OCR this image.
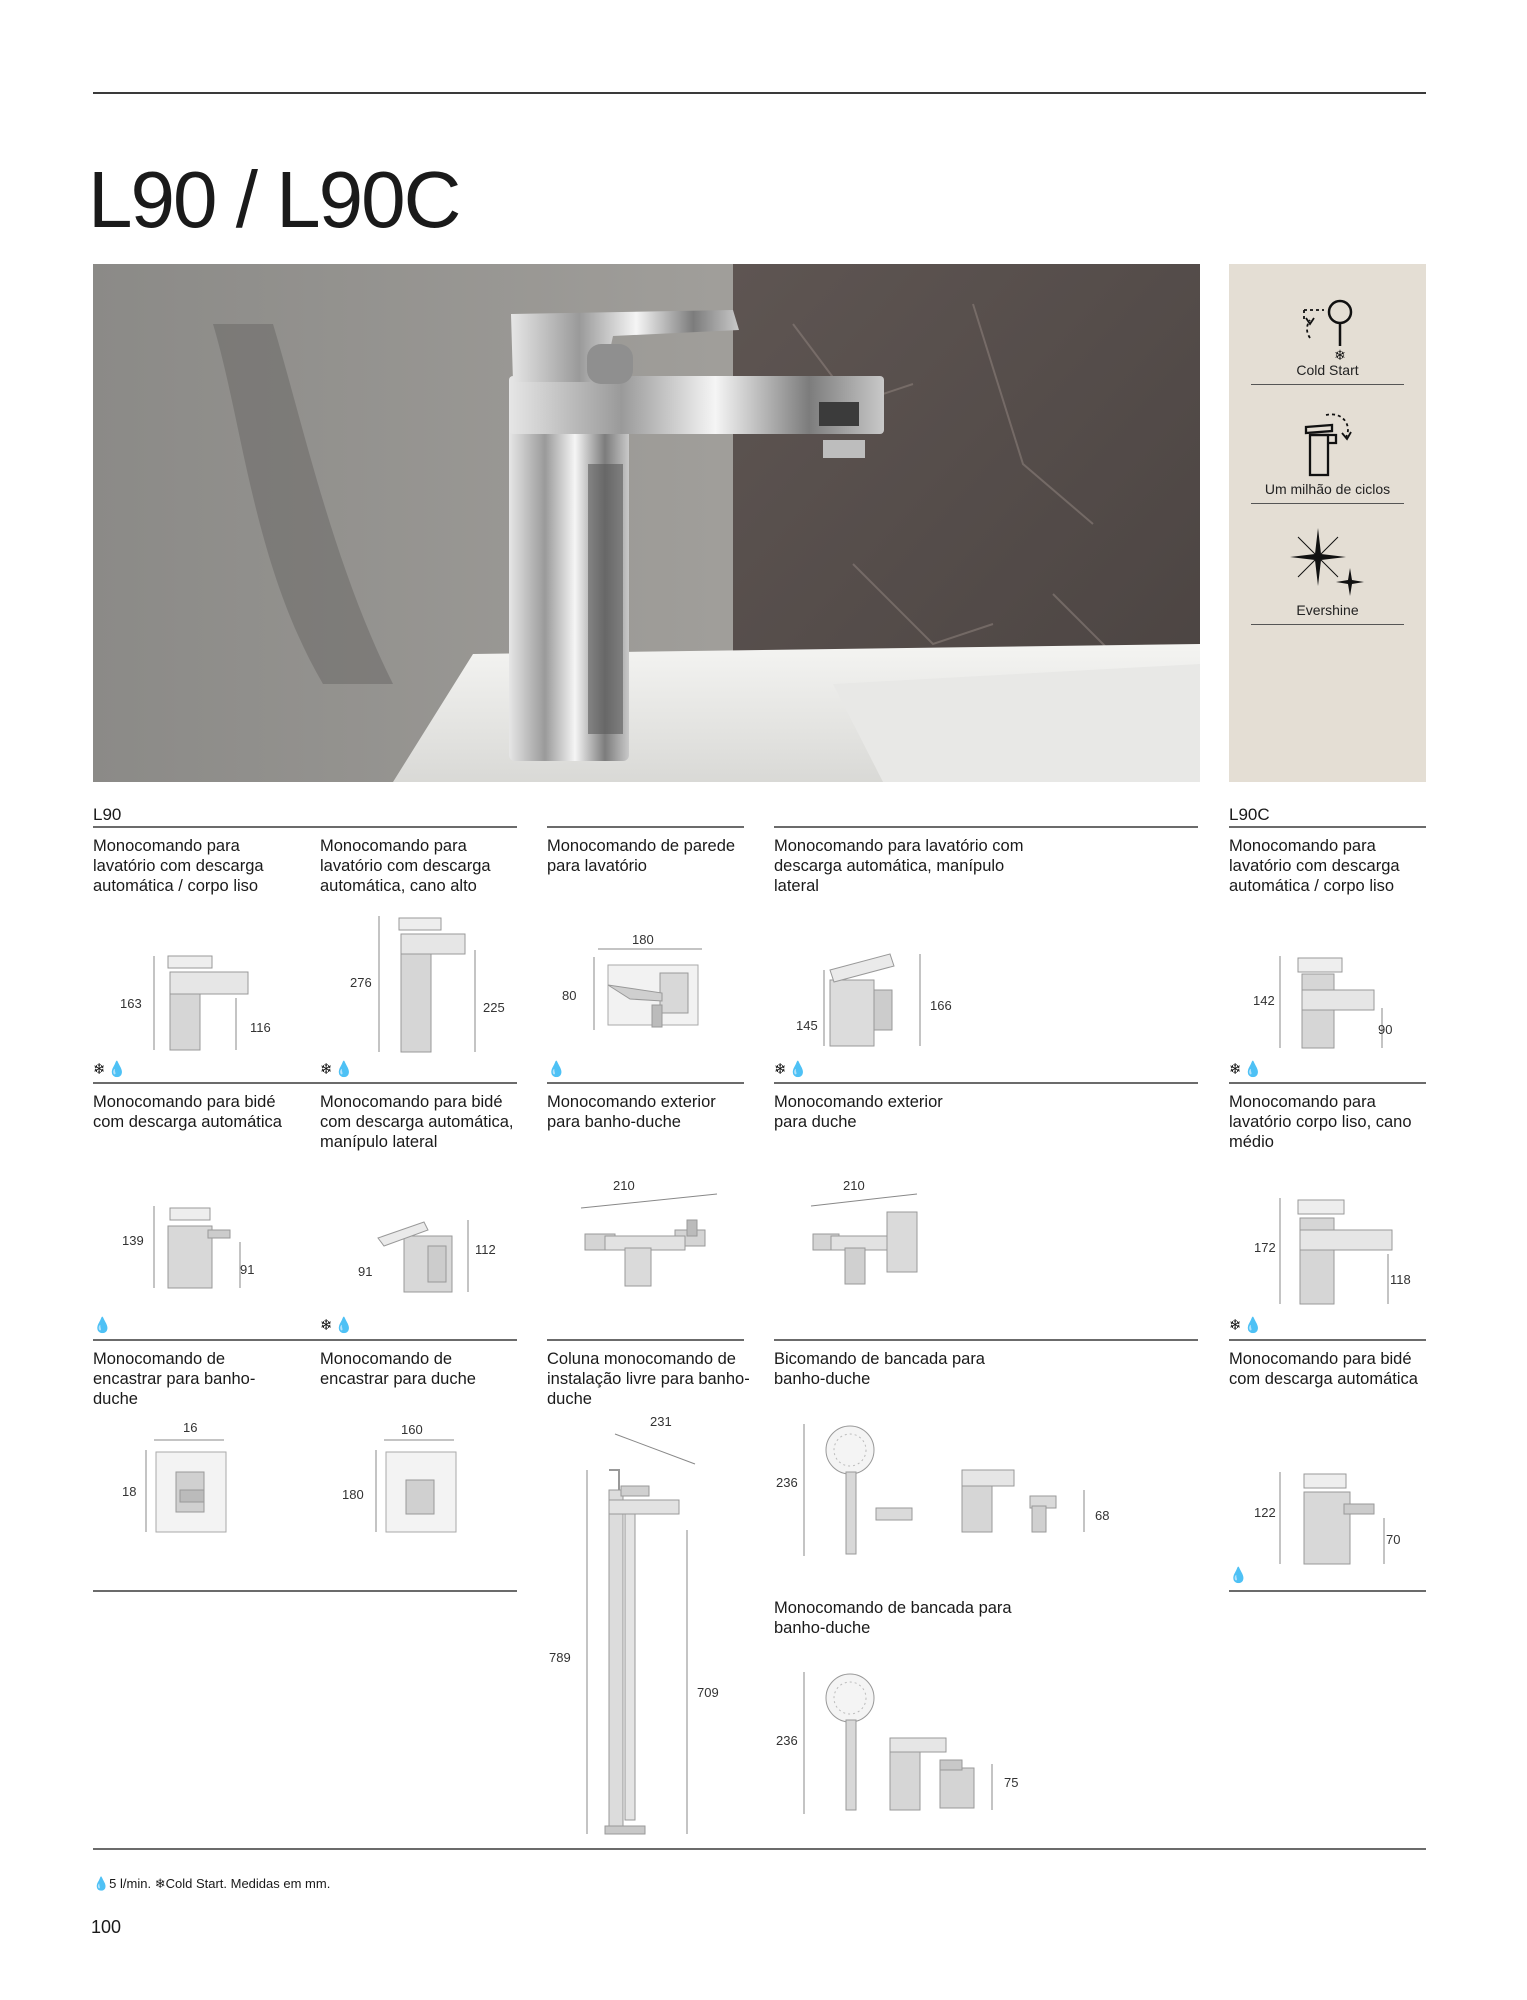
L90 / L90C
❄
Cold Start
Um milhão de ciclos
Evershine
L90	L90C
Monocomando para lavatório com descarga automática / corpo liso
163
116
❄💧
Monocomando para lavatório com descarga automática, cano alto
276
225
❄💧
Monocomando de parede para lavatório
180
80
💧
Monocomando para lavatório com descarga automática, manípulo lateral
145
166
❄💧
Monocomando para lavatório com descarga automática / corpo liso
142
90
❄💧
Monocomando para bidé com descarga automática
139
91
💧
Monocomando para bidé com descarga automática, manípulo lateral
91
112
❄💧
Monocomando exterior para banho-duche
210
Monocomando exterior para duche
210
Monocomando para lavatório corpo liso, cano médio
172
118
❄💧
Monocomando de encastrar para banho-duche
16
18
Monocomando de encastrar para duche
160
180
Coluna monocomando de instalação livre para banho-duche
231
789
709
Bicomando de bancada para banho-duche
236
68
Monocomando para bidé com descarga automática
122
70
💧
Monocomando de bancada para banho-duche
236
75
💧5 l/min. ❄Cold Start. Medidas em mm.
100
